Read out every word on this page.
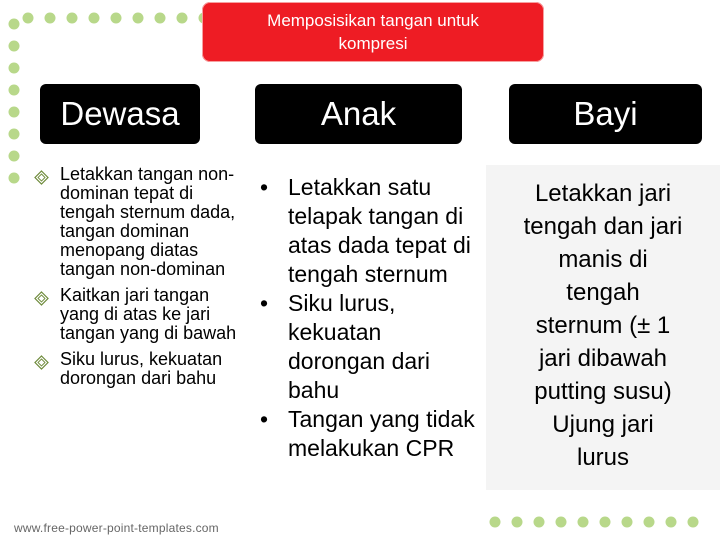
Memposisikan tangan untuk
kompresi
Dewasa	Anak	Bayi
Letakkan tangan non-dominan tepat di tengah sternum dada, tangan dominan menopang diatas tangan non-dominan
Kaitkan jari tangan yang di atas ke jari tangan yang di bawah
Siku lurus, kekuatan dorongan dari bahu
• Letakkan satu telapak tangan di atas dada tepat di tengah sternum
• Siku lurus, kekuatan dorongan dari bahu
• Tangan yang tidak melakukan CPR
Letakkan jari
tengah dan jari
manis di
tengah
sternum (± 1
jari dibawah
putting susu)
Ujung jari
lurus
www.free-power-point-templates.com
